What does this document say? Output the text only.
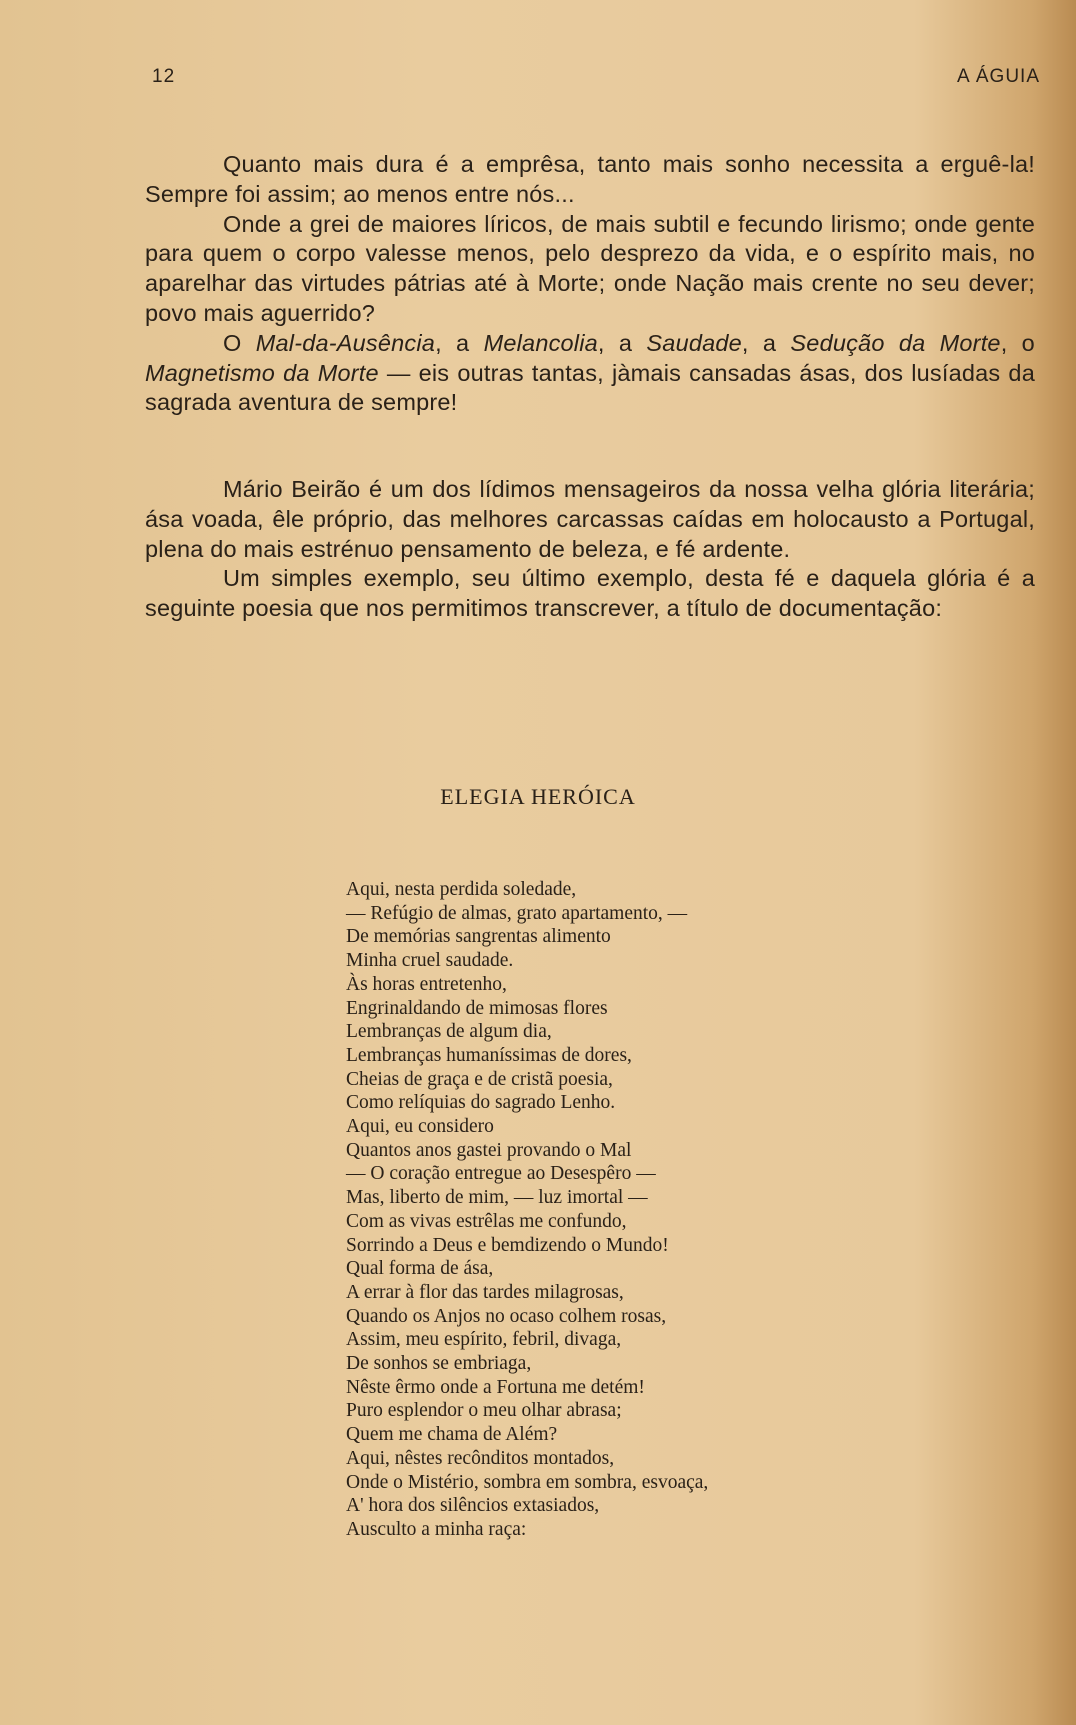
12	A ÁGUIA

Quanto mais dura é a emprêsa, tanto mais sonho necessita a erguê-la! Sempre foi assim; ao menos entre nós...

Onde a grei de maiores líricos, de mais subtil e fecundo lirismo; onde gente para quem o corpo valesse menos, pelo desprezo da vida, e o espírito mais, no aparelhar das virtudes pátrias até à Morte; onde Nação mais crente no seu dever; povo mais aguerrido?

O Mal-da-Ausência, a Melancolia, a Saudade, a Sedução da Morte, o Magnetismo da Morte — eis outras tantas, jàmais cansadas ásas, dos lusíadas da sagrada aventura de sempre!

Mário Beirão é um dos lídimos mensageiros da nossa velha glória literária; ása voada, êle próprio, das melhores carcassas caídas em holocausto a Portugal, plena do mais estrénuo pensamento de beleza, e fé ardente.

Um simples exemplo, seu último exemplo, desta fé e daquela glória é a seguinte poesia que nos permitimos transcrever, a título de documentação:

ELEGIA HERÓICA
Aqui, nesta perdida soledade,
— Refúgio de almas, grato apartamento, —
De memórias sangrentas alimento
Minha cruel saudade.
Às horas entretenho,
Engrinaldando de mimosas flores
Lembranças de algum dia,
Lembranças humaníssimas de dores,
Cheias de graça e de cristã poesia,
Como relíquias do sagrado Lenho.
Aqui, eu considero
Quantos anos gastei provando o Mal
— O coração entregue ao Desespêro —
Mas, liberto de mim, — luz imortal —
Com as vivas estrêlas me confundo,
Sorrindo a Deus e bemdizendo o Mundo!
Qual forma de ása,
A errar à flor das tardes milagrosas,
Quando os Anjos no ocaso colhem rosas,
Assim, meu espírito, febril, divaga,
De sonhos se embriaga,
Nêste êrmo onde a Fortuna me detém!
Puro esplendor o meu olhar abrasa;
Quem me chama de Além?
Aqui, nêstes recônditos montados,
Onde o Mistério, sombra em sombra, esvoaça,
A' hora dos silêncios extasiados,
Ausculto a minha raça:
